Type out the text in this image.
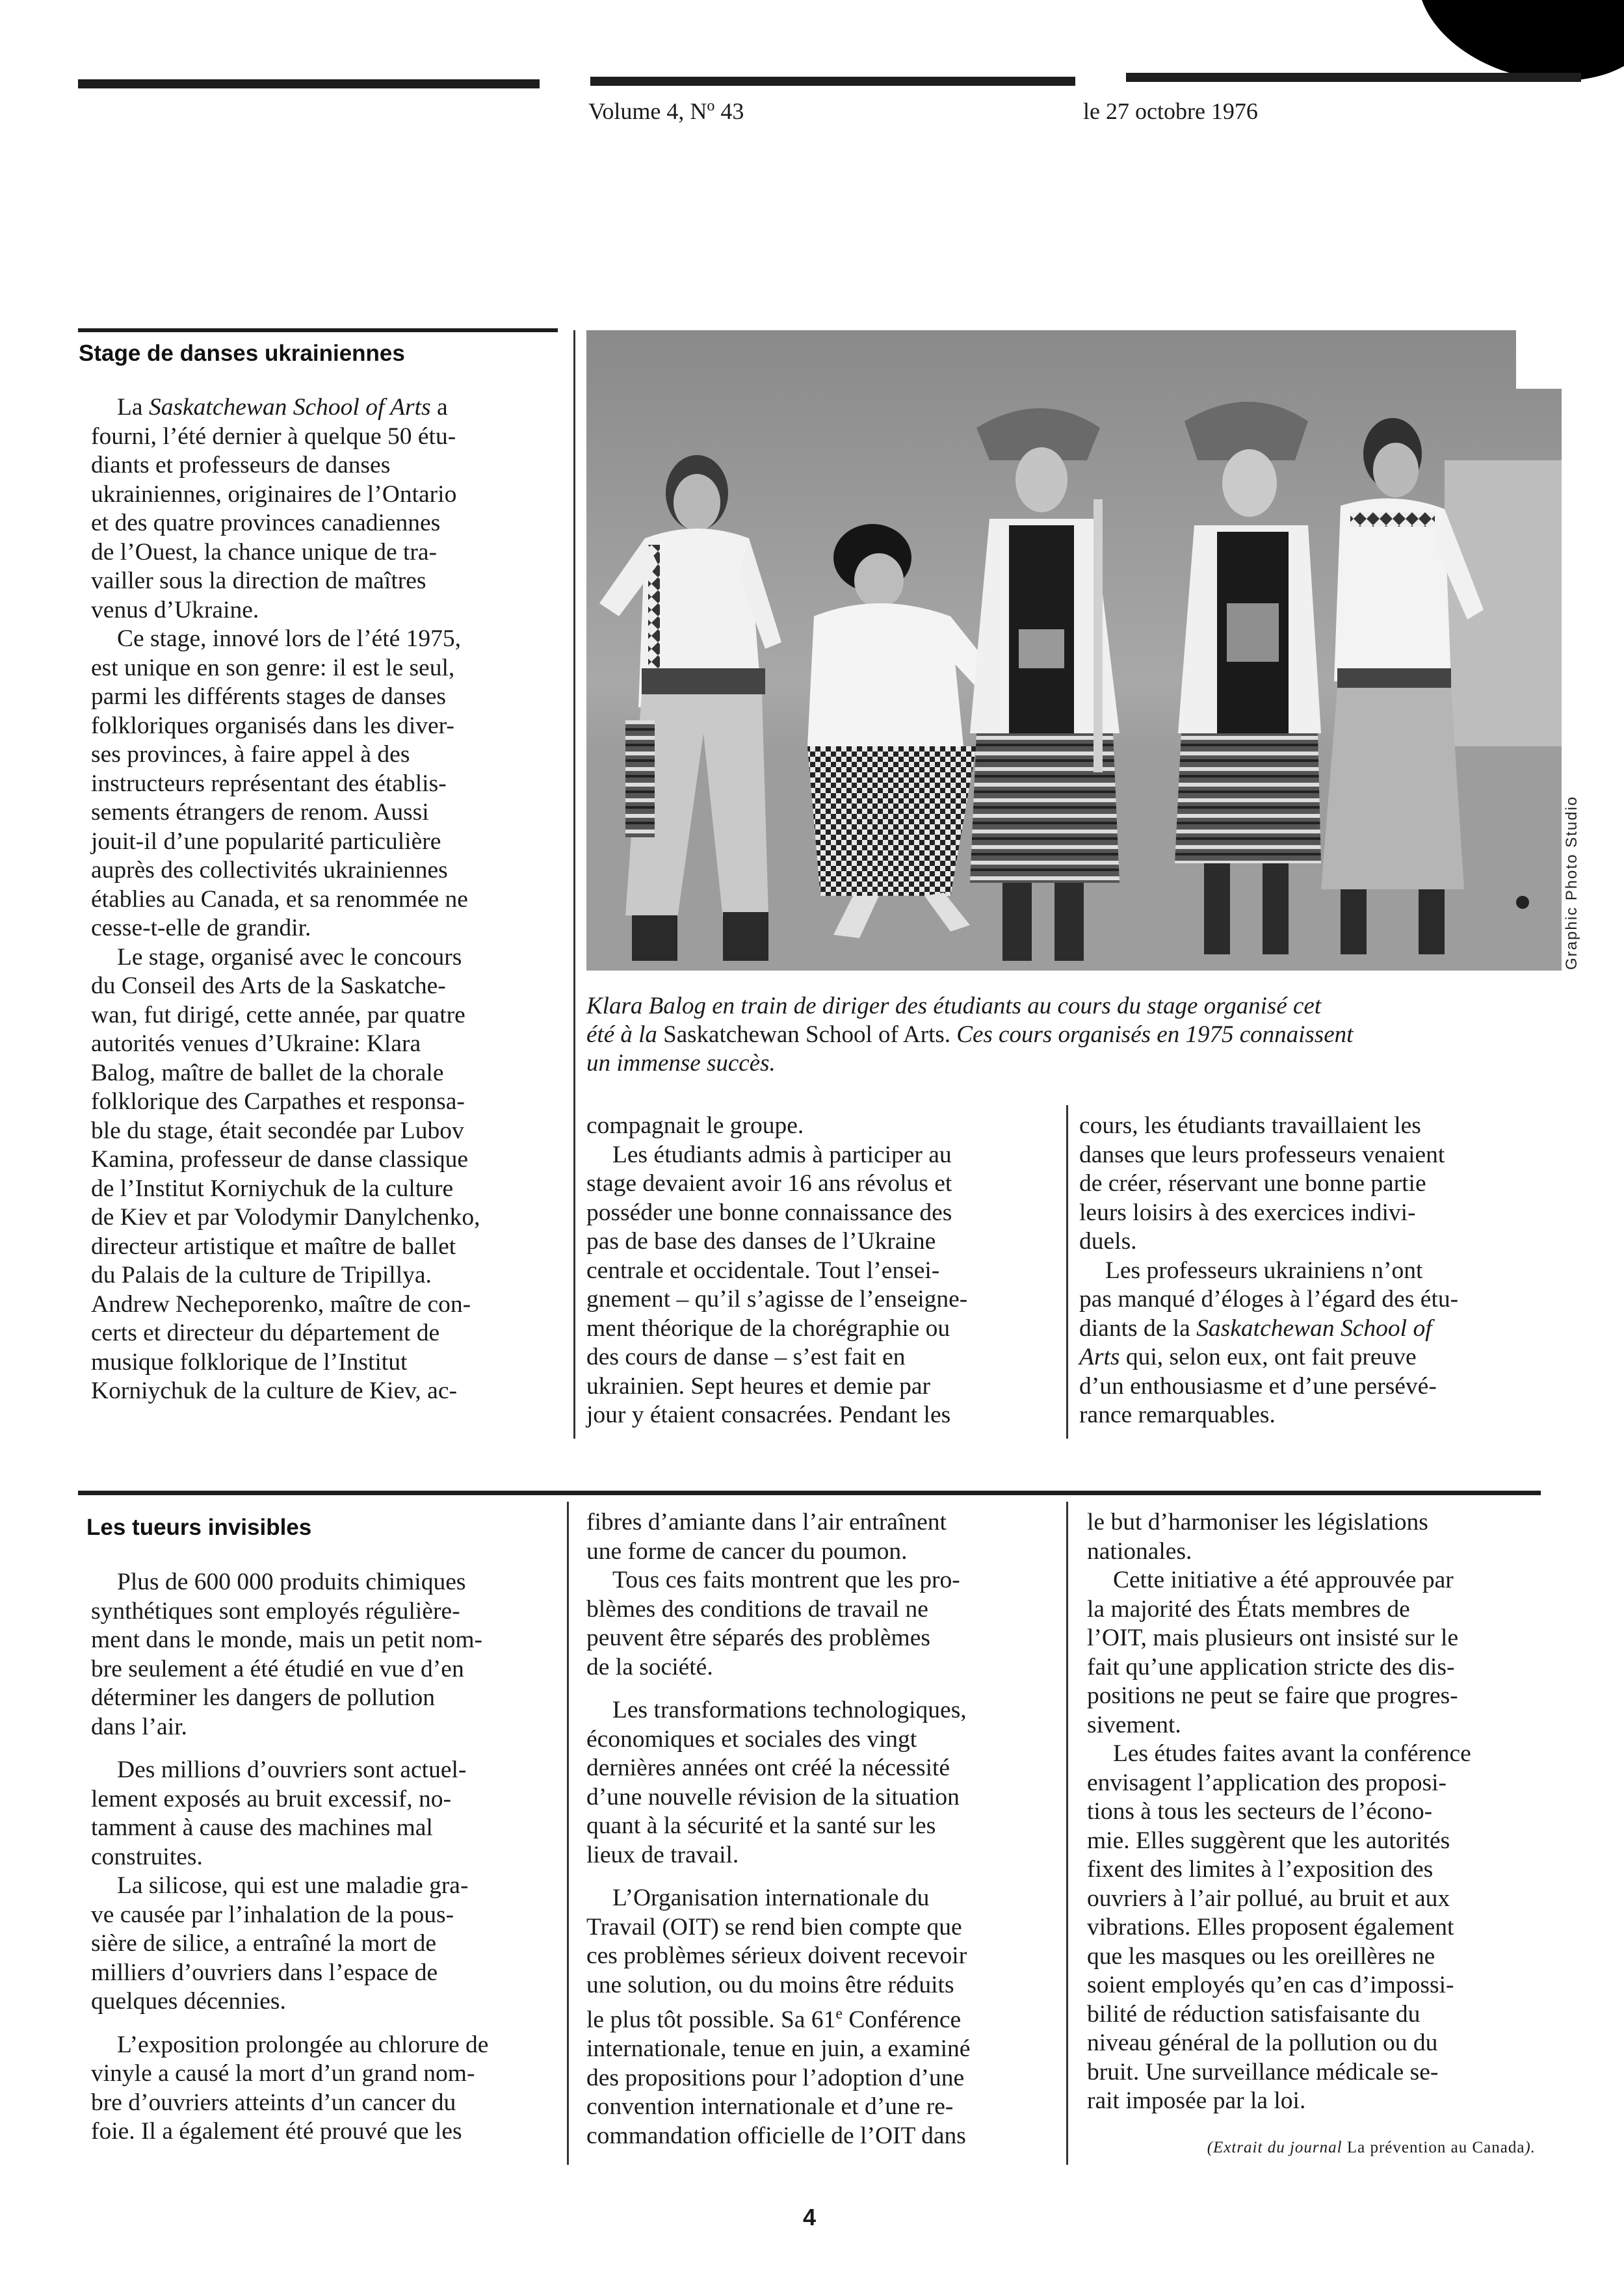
Volume 4, $N^o$ 43	le 27 octobre 1976
Stage de danses ukrainiennes
La Saskatchewan School of Arts a
fourni, l’été dernier à quelque 50 étu-
diants et professeurs de danses
ukrainiennes, originaires de l’Ontario
et des quatre provinces canadiennes
de l’Ouest, la chance unique de tra-
vailler sous la direction de maîtres
venus d’Ukraine.
Ce stage, innové lors de l’été 1975,
est unique en son genre: il est le seul,
parmi les différents stages de danses
folkloriques organisés dans les diver-
ses provinces, à faire appel à des
instructeurs représentant des établis-
sements étrangers de renom. Aussi
jouit-il d’une popularité particulière
auprès des collectivités ukrainiennes
établies au Canada, et sa renommée ne
cesse-t-elle de grandir.
Le stage, organisé avec le concours
du Conseil des Arts de la Saskatche-
wan, fut dirigé, cette année, par quatre
autorités venues d’Ukraine: Klara
Balog, maître de ballet de la chorale
folklorique des Carpathes et responsa-
ble du stage, était secondée par Lubov
Kamina, professeur de danse classique
de l’Institut Korniychuk de la culture
de Kiev et par Volodymir Danylchenko,
directeur artistique et maître de ballet
du Palais de la culture de Tripillya.
Andrew Necheporenko, maître de con-
certs et directeur du département de
musique folklorique de l’Institut
Korniychuk de la culture de Kiev, ac-
Graphic Photo Studio
Klara Balog en train de diriger des étudiants au cours du stage organisé cet
été à la Saskatchewan School of Arts. Ces cours organisés en 1975 connaissent
un immense succès.
compagnait le groupe.
Les étudiants admis à participer au
stage devaient avoir 16 ans révolus et
posséder une bonne connaissance des
pas de base des danses de l’Ukraine
centrale et occidentale. Tout l’ensei-
gnement – qu’il s’agisse de l’enseigne-
ment théorique de la chorégraphie ou
des cours de danse – s’est fait en
ukrainien. Sept heures et demie par
jour y étaient consacrées. Pendant les
cours, les étudiants travaillaient les
danses que leurs professeurs venaient
de créer, réservant une bonne partie
leurs loisirs à des exercices indivi-
duels.
Les professeurs ukrainiens n’ont
pas manqué d’éloges à l’égard des étu-
diants de la Saskatchewan School of
Arts qui, selon eux, ont fait preuve
d’un enthousiasme et d’une persévé-
rance remarquables.
Les tueurs invisibles
Plus de 600 000 produits chimiques
synthétiques sont employés régulière-
ment dans le monde, mais un petit nom-
bre seulement a été étudié en vue d’en
déterminer les dangers de pollution
dans l’air.
Des millions d’ouvriers sont actuel-
lement exposés au bruit excessif, no-
tamment à cause des machines mal
construites.
La silicose, qui est une maladie gra-
ve causée par l’inhalation de la pous-
sière de silice, a entraîné la mort de
milliers d’ouvriers dans l’espace de
quelques décennies.
L’exposition prolongée au chlorure de
vinyle a causé la mort d’un grand nom-
bre d’ouvriers atteints d’un cancer du
foie. Il a également été prouvé que les
fibres d’amiante dans l’air entraînent
une forme de cancer du poumon.
Tous ces faits montrent que les pro-
blèmes des conditions de travail ne
peuvent être séparés des problèmes
de la société.
Les transformations technologiques,
économiques et sociales des vingt
dernières années ont créé la nécessité
d’une nouvelle révision de la situation
quant à la sécurité et la santé sur les
lieux de travail.
L’Organisation internationale du
Travail (OIT) se rend bien compte que
ces problèmes sérieux doivent recevoir
une solution, ou du moins être réduits
le plus tôt possible. Sa 61e Conférence
internationale, tenue en juin, a examiné
des propositions pour l’adoption d’une
convention internationale et d’une re-
commandation officielle de l’OIT dans
le but d’harmoniser les législations
nationales.
Cette initiative a été approuvée par
la majorité des États membres de
l’OIT, mais plusieurs ont insisté sur le
fait qu’une application stricte des dis-
positions ne peut se faire que progres-
sivement.
Les études faites avant la conférence
envisagent l’application des proposi-
tions à tous les secteurs de l’écono-
mie. Elles suggèrent que les autorités
fixent des limites à l’exposition des
ouvriers à l’air pollué, au bruit et aux
vibrations. Elles proposent également
que les masques ou les oreillères ne
soient employés qu’en cas d’impossi-
bilité de réduction satisfaisante du
niveau général de la pollution ou du
bruit. Une surveillance médicale se-
rait imposée par la loi.
(Extrait du journal La prévention au Canada).
4
